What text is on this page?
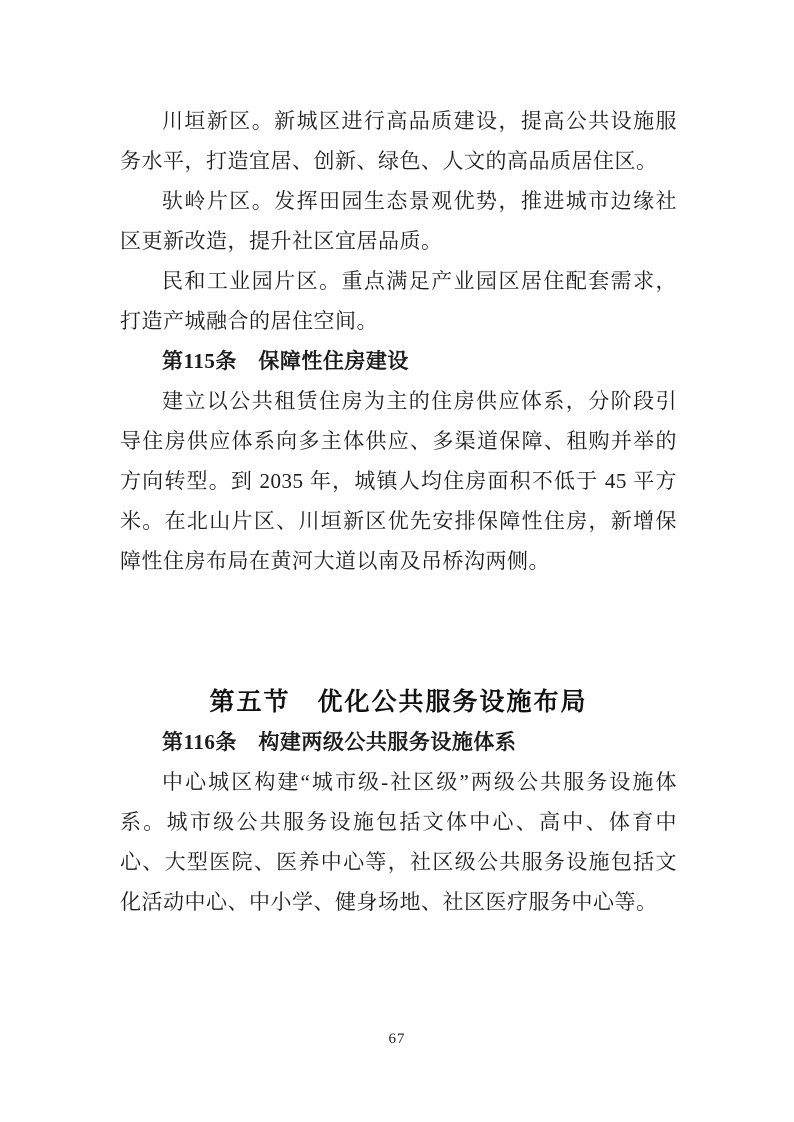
川垣新区。新城区进行高品质建设，提高公共设施服务水平，打造宜居、创新、绿色、人文的高品质居住区。

驮岭片区。发挥田园生态景观优势，推进城市边缘社区更新改造，提升社区宜居品质。

民和工业园片区。重点满足产业园区居住配套需求，打造产城融合的居住空间。

第115条　保障性住房建设

建立以公共租赁住房为主的住房供应体系，分阶段引导住房供应体系向多主体供应、多渠道保障、租购并举的方向转型。到 2035 年，城镇人均住房面积不低于 45 平方米。在北山片区、川垣新区优先安排保障性住房，新增保障性住房布局在黄河大道以南及吊桥沟两侧。

第五节　优化公共服务设施布局

第116条　构建两级公共服务设施体系

中心城区构建“城市级-社区级”两级公共服务设施体系。城市级公共服务设施包括文体中心、高中、体育中心、大型医院、医养中心等，社区级公共服务设施包括文化活动中心、中小学、健身场地、社区医疗服务中心等。

67
